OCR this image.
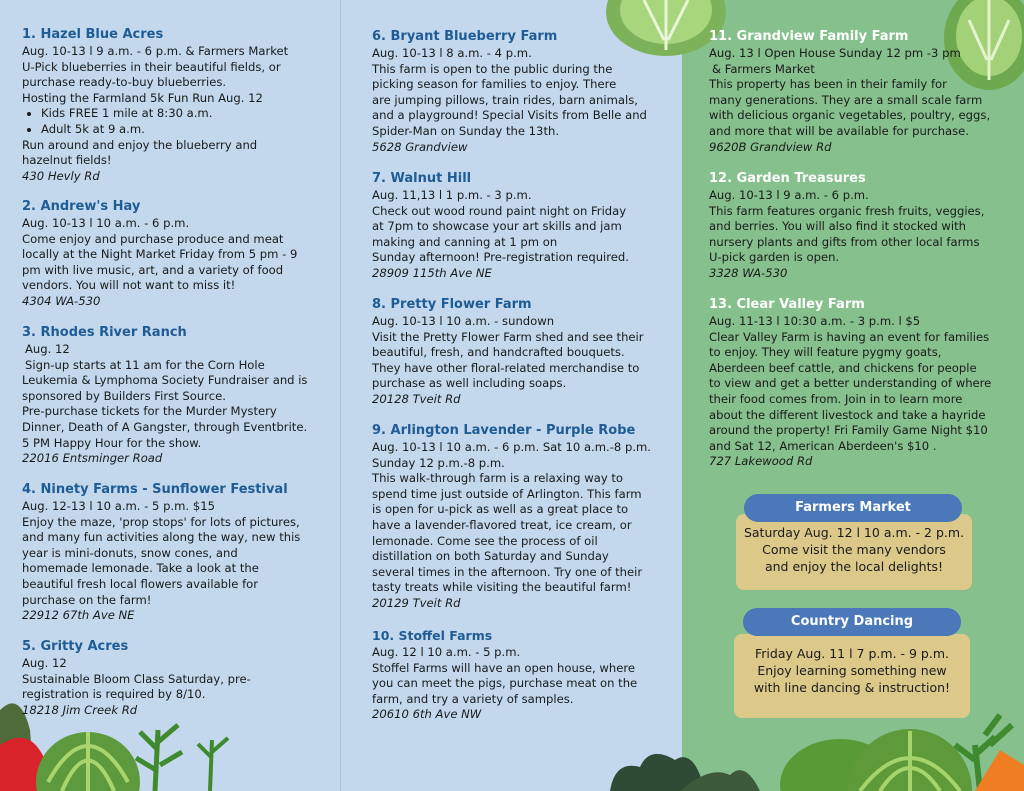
1. Hazel Blue Acres

Aug. 10-13 l 9 a.m. - 6 p.m. & Farmers Market

U-Pick blueberries in their beautiful fields, or

purchase ready-to-buy blueberries.

Hosting the Farmland 5k Fun Run Aug. 12

• Kids FREE 1 mile at 8:30 a.m.
• Adult 5k at 9 a.m.

Run around and enjoy the blueberry and

hazelnut fields!

430 Hevly Rd

2. Andrew's Hay

Aug. 10-13 l 10 a.m. - 6 p.m.

Come enjoy and purchase produce and meat

locally at the Night Market Friday from 5 pm - 9

pm with live music, art, and a variety of food

vendors. You will not want to miss it!

4304 WA-530

3. Rhodes River Ranch

Aug. 12

Sign-up starts at 11 am for the Corn Hole

Leukemia & Lymphoma Society Fundraiser and is

sponsored by Builders First Source.

Pre-purchase tickets for the Murder Mystery

Dinner, Death of A Gangster, through Eventbrite.

5 PM Happy Hour for the show.

22016 Entsminger Road

4. Ninety Farms - Sunflower Festival

Aug. 12-13 l 10 a.m. - 5 p.m. $15

Enjoy the maze, 'prop stops' for lots of pictures,

and many fun activities along the way, new this

year is mini-donuts, snow cones, and

homemade lemonade. Take a look at the

beautiful fresh local flowers available for

purchase on the farm!

22912 67th Ave NE

5. Gritty Acres

Aug. 12

Sustainable Bloom Class Saturday, pre-

registration is required by 8/10.

18218 Jim Creek Rd

6. Bryant Blueberry Farm

Aug. 10-13 l 8 a.m. - 4 p.m.

This farm is open to the public during the

picking season for families to enjoy. There

are jumping pillows, train rides, barn animals,

and a playground! Special Visits from Belle and

Spider-Man on Sunday the 13th.

5628 Grandview

7. Walnut Hill

Aug. 11,13 l 1 p.m. - 3 p.m.

Check out wood round paint night on Friday

at 7pm to showcase your art skills and jam

making and canning at 1 pm on

Sunday afternoon! Pre-registration required.

28909 115th Ave NE

8. Pretty Flower Farm

Aug. 10-13 l 10 a.m. - sundown

Visit the Pretty Flower Farm shed and see their

beautiful, fresh, and handcrafted bouquets.

They have other floral-related merchandise to

purchase as well including soaps.

20128 Tveit Rd

9. Arlington Lavender - Purple Robe

Aug. 10-13 l 10 a.m. - 6 p.m. Sat 10 a.m.-8 p.m.

Sunday 12 p.m.-8 p.m.

This walk-through farm is a relaxing way to

spend time just outside of Arlington. This farm

is open for u-pick as well as a great place to

have a lavender-flavored treat, ice cream, or

lemonade. Come see the process of oil

distillation on both Saturday and Sunday

several times in the afternoon. Try one of their

tasty treats while visiting the beautiful farm!

20129 Tveit Rd

10. Stoffel Farms

Aug. 12 l 10 a.m. - 5 p.m.

Stoffel Farms will have an open house, where

you can meet the pigs, purchase meat on the

farm, and try a variety of samples.

20610 6th Ave NW

11. Grandview Family Farm

Aug. 13 l Open House Sunday 12 pm -3 pm

& Farmers Market

This property has been in their family for

many generations. They are a small scale farm

with delicious organic vegetables, poultry, eggs,

and more that will be available for purchase.

9620B Grandview Rd

12. Garden Treasures

Aug. 10-13 l 9 a.m. - 6 p.m.

This farm features organic fresh fruits, veggies,

and berries. You will also find it stocked with

nursery plants and gifts from other local farms

U-pick garden is open.

3328 WA-530

13. Clear Valley Farm

Aug. 11-13 l 10:30 a.m. - 3 p.m. l $5

Clear Valley Farm is having an event for families

to enjoy. They will feature pygmy goats,

Aberdeen beef cattle, and chickens for people

to view and get a better understanding of where

their food comes from. Join in to learn more

about the different livestock and take a hayride

around the property! Fri Family Game Night $10

and Sat 12, American Aberdeen's $10 .

727 Lakewood Rd

Farmers Market
Saturday Aug. 12 l 10 a.m. - 2 p.m.
Come visit the many vendors
and enjoy the local delights!
Country Dancing
Friday Aug. 11 l 7 p.m. - 9 p.m.
Enjoy learning something new
with line dancing & instruction!
